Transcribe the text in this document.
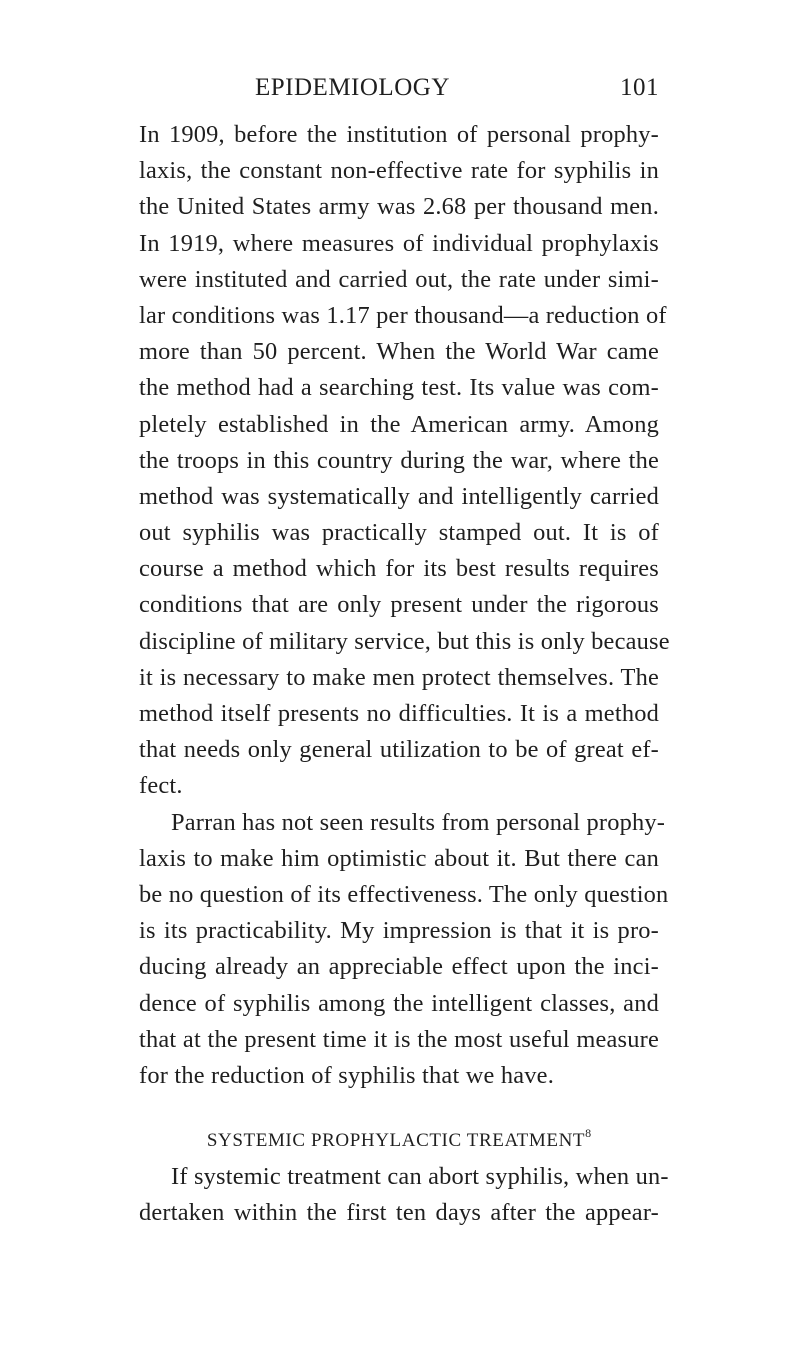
EPIDEMIOLOGY	101
In 1909, before the institution of personal prophy-
laxis, the constant non-effective rate for syphilis in
the United States army was 2.68 per thousand men.
In 1919, where measures of individual prophylaxis
were instituted and carried out, the rate under simi-
lar conditions was 1.17 per thousand—a reduction of
more than 50 percent. When the World War came
the method had a searching test. Its value was com-
pletely established in the American army. Among
the troops in this country during the war, where the
method was systematically and intelligently carried
out syphilis was practically stamped out. It is of
course a method which for its best results requires
conditions that are only present under the rigorous
discipline of military service, but this is only because
it is necessary to make men protect themselves. The
method itself presents no difficulties. It is a method
that needs only general utilization to be of great ef-
fect.
Parran has not seen results from personal prophy-
laxis to make him optimistic about it. But there can
be no question of its effectiveness. The only question
is its practicability. My impression is that it is pro-
ducing already an appreciable effect upon the inci-
dence of syphilis among the intelligent classes, and
that at the present time it is the most useful measure
for the reduction of syphilis that we have.
SYSTEMIC PROPHYLACTIC TREATMENT$^8$
If systemic treatment can abort syphilis, when un-
dertaken within the first ten days after the appear-
